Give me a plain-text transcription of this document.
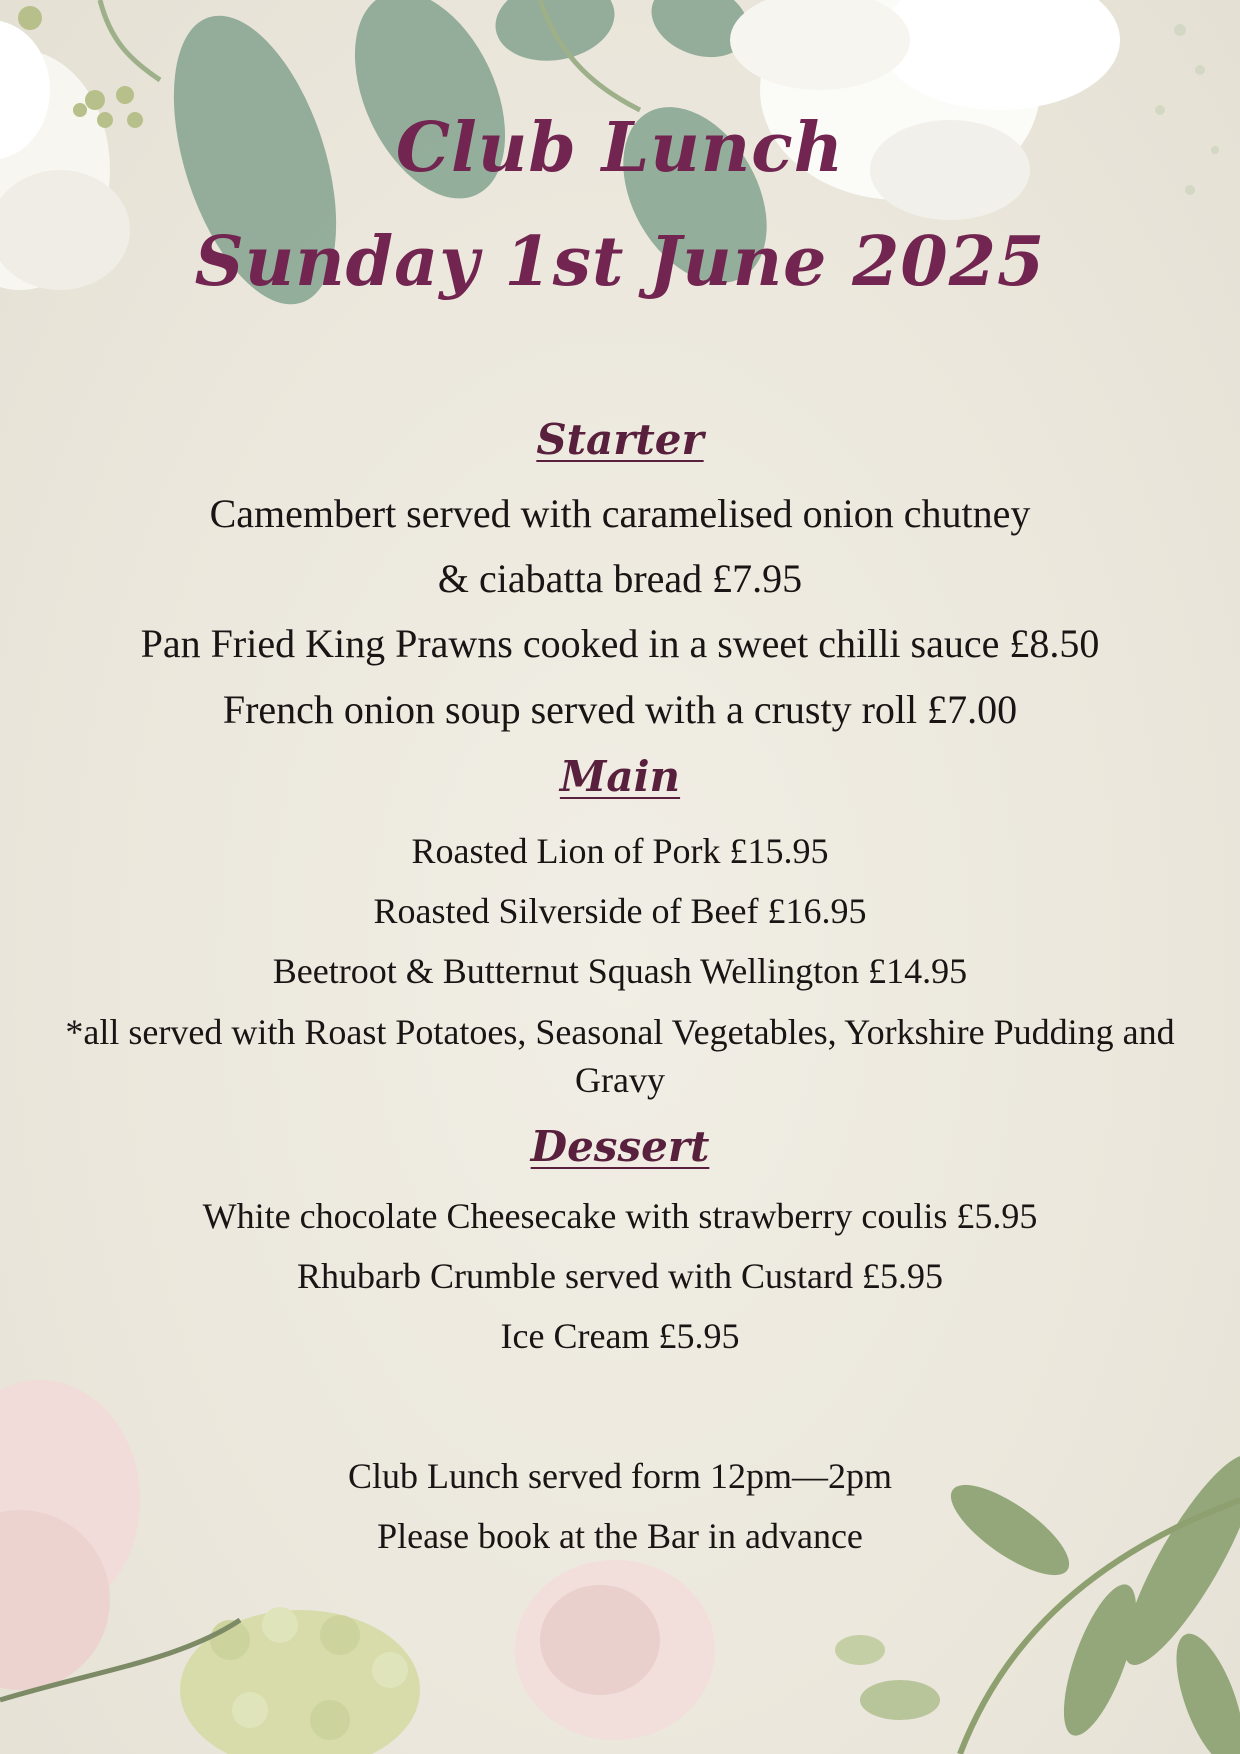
Club Lunch
Sunday 1st June 2025
Starter

Camembert served with caramelised onion chutney

& ciabatta bread £7.95

Pan Fried King Prawns cooked in a sweet chilli sauce £8.50

French onion soup served with a crusty roll £7.00

Main

Roasted Lion of Pork £15.95

Roasted Silverside of Beef £16.95

Beetroot & Butternut Squash Wellington £14.95

*all served with Roast Potatoes, Seasonal Vegetables, Yorkshire Pudding and Gravy

Dessert

White chocolate Cheesecake with strawberry coulis £5.95

Rhubarb Crumble served with Custard £5.95

Ice Cream £5.95

Club Lunch served form 12pm—2pm

Please book at the Bar in advance
